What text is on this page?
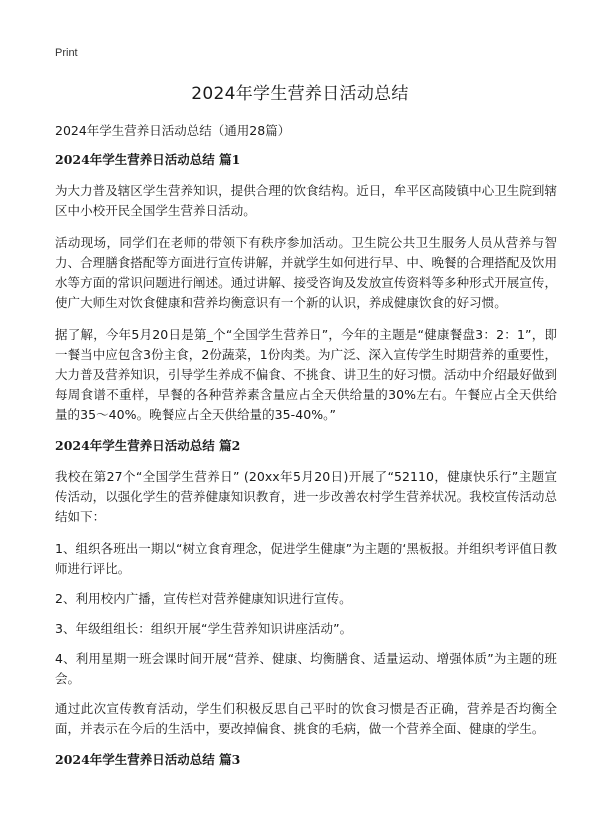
Print
2024年学生营养日活动总结

2024年学生营养日活动总结（通用28篇）

2024年学生营养日活动总结 篇1

为大力普及辖区学生营养知识，提供合理的饮食结构。近日，牟平区高陵镇中心卫生院到辖区中小校开民全国学生营养日活动。

活动现场，同学们在老师的带领下有秩序参加活动。卫生院公共卫生服务人员从营养与智力、合理膳食搭配等方面进行宣传讲解，并就学生如何进行早、中、晚餐的合理搭配及饮用水等方面的常识问题进行阐述。通过讲解、接受咨询及发放宣传资料等多种形式开展宣传，使广大师生对饮食健康和营养均衡意识有一个新的认识，养成健康饮食的好习惯。

据了解，今年5月20日是第_个“全国学生营养日”，今年的主题是“健康餐盘3：2：1”，即一餐当中应包含3份主食，2份蔬菜，1份肉类。为广泛、深入宣传学生时期营养的重要性，大力普及营养知识，引导学生养成不偏食、不挑食、讲卫生的好习惯。活动中介绍最好做到每周食谱不重样，早餐的各种营养素含量应占全天供给量的30%左右。午餐应占全天供给量的35～40%。晚餐应占全天供给量的35-40%。”

2024年学生营养日活动总结 篇2

我校在第27个“全国学生营养日” (20xx年5月20日)开展了“52110，健康快乐行”主题宣传活动，以强化学生的营养健康知识教育，进一步改善农村学生营养状况。我校宣传活动总结如下：

1、组织各班出一期以“树立食育理念，促进学生健康”为主题的‘黑板报。并组织考评值日教师进行评比。

2、利用校内广播，宣传栏对营养健康知识进行宣传。

3、年级组组长：组织开展“学生营养知识讲座活动”。

4、利用星期一班会课时间开展“营养、健康、均衡膳食、适量运动、增强体质”为主题的班会。

通过此次宣传教育活动，学生们积极反思自己平时的饮食习惯是否正确，营养是否均衡全面，并表示在今后的生活中，要改掉偏食、挑食的毛病，做一个营养全面、健康的学生。

2024年学生营养日活动总结 篇3
